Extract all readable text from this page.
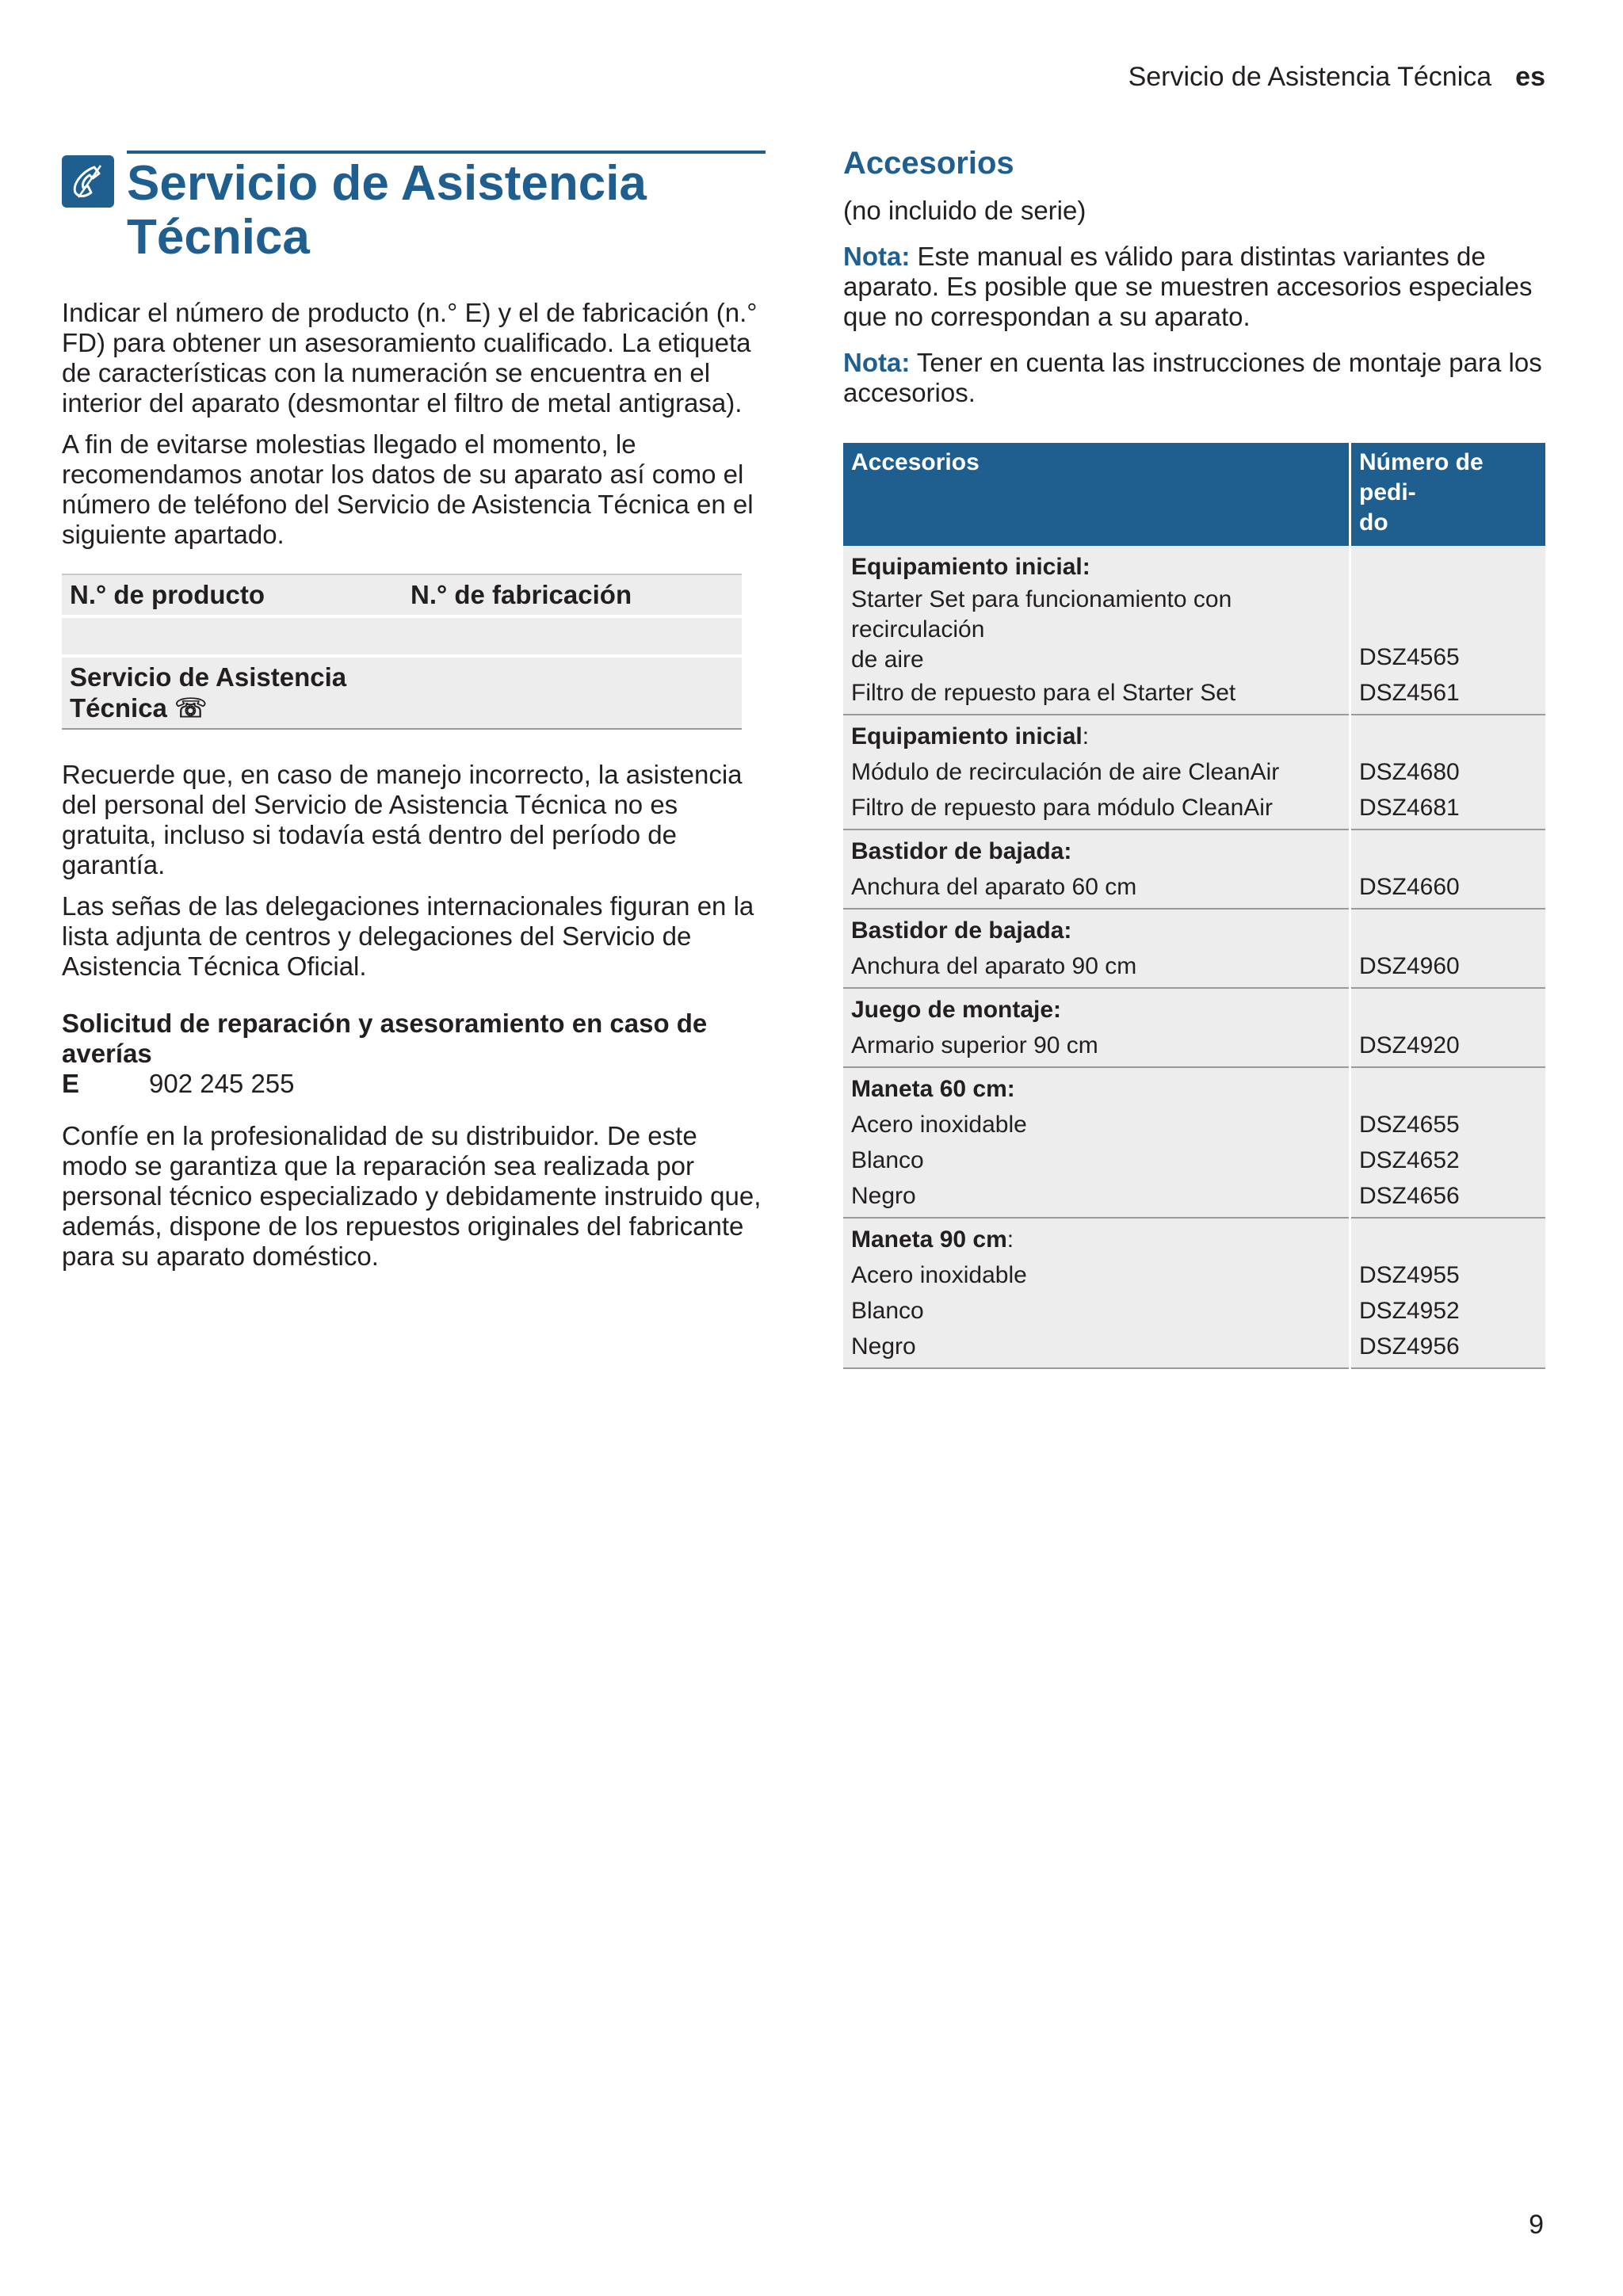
Servicio de Asistencia Técnica es
Servicio de Asistencia
Técnica

Indicar el número de producto (n.° E) y el de fabricación (n.° FD) para obtener un asesoramiento cualificado. La etiqueta de características con la numeración se encuentra en el interior del aparato (desmontar el filtro de metal antigrasa).

A fin de evitarse molestias llegado el momento, le recomendamos anotar los datos de su aparato así como el número de teléfono del Servicio de Asistencia Técnica en el siguiente apartado.

N.° de producto	N.° de fabricación

Servicio de Asistencia
Técnica ☏	

Recuerde que, en caso de manejo incorrecto, la asistencia del personal del Servicio de Asistencia Técnica no es gratuita, incluso si todavía está dentro del período de garantía.

Las señas de las delegaciones internacionales figuran en la lista adjunta de centros y delegaciones del Servicio de Asistencia Técnica Oficial.

Solicitud de reparación y asesoramiento en caso de averías

E	902 245 255

Confíe en la profesionalidad de su distribuidor. De este modo se garantiza que la reparación sea realizada por personal técnico especializado y debidamente instruido que, además, dispone de los repuestos originales del fabricante para su aparato doméstico.

Accesorios

(no incluido de serie)

Nota: Este manual es válido para distintas variantes de aparato. Es posible que se muestren accesorios especiales que no correspondan a su aparato.

Nota: Tener en cuenta las instrucciones de montaje para los accesorios.

Accesorios	Número de pedi-
do
Equipamiento inicial:	
Starter Set para funcionamiento con recirculación
de aire	DSZ4565
Filtro de repuesto para el Starter Set	DSZ4561
Equipamiento inicial:	
Módulo de recirculación de aire CleanAir	DSZ4680
Filtro de repuesto para módulo CleanAir	DSZ4681
Bastidor de bajada:	
Anchura del aparato 60 cm	DSZ4660
Bastidor de bajada:	
Anchura del aparato 90 cm	DSZ4960
Juego de montaje:	
Armario superior 90 cm	DSZ4920
Maneta 60 cm:	
Acero inoxidable	DSZ4655
Blanco	DSZ4652
Negro	DSZ4656
Maneta 90 cm:	
Acero inoxidable	DSZ4955
Blanco	DSZ4952
Negro	DSZ4956
9
